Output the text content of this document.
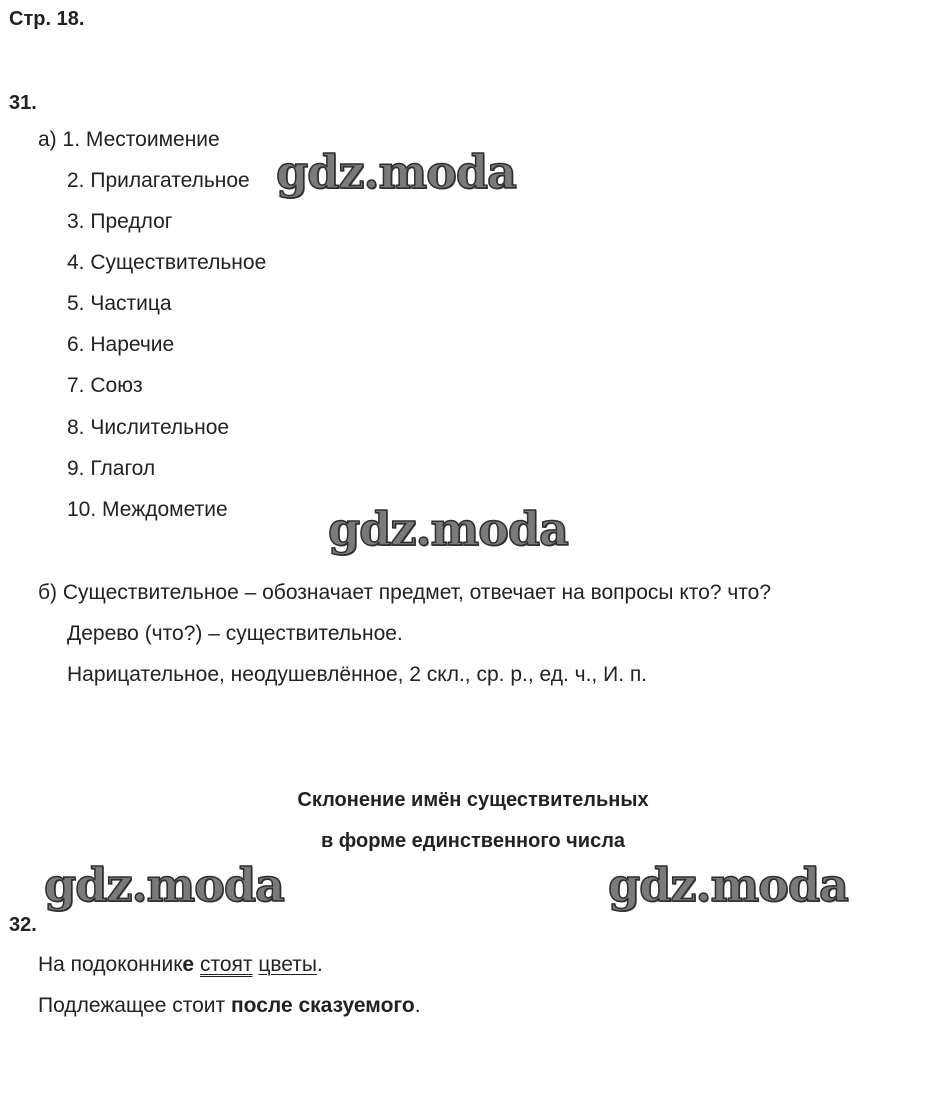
Стр. 18.
31.
а) 1. Местоимение
2. Прилагательное
3. Предлог
4. Существительное
5. Частица
6. Наречие
7. Союз
8. Числительное
9. Глагол
10. Междометие
б) Существительное – обозначает предмет, отвечает на вопросы кто? что?
Дерево (что?) – существительное.
Нарицательное, неодушевлённое, 2 скл., ср. р., ед. ч., И. п.
Склонение имён существительных
в форме единственного числа
32.
На подоконнике стоят цветы.
Подлежащее стоит после сказуемого.
gdz.moda
gdz.moda
gdz.moda	gdz.moda
